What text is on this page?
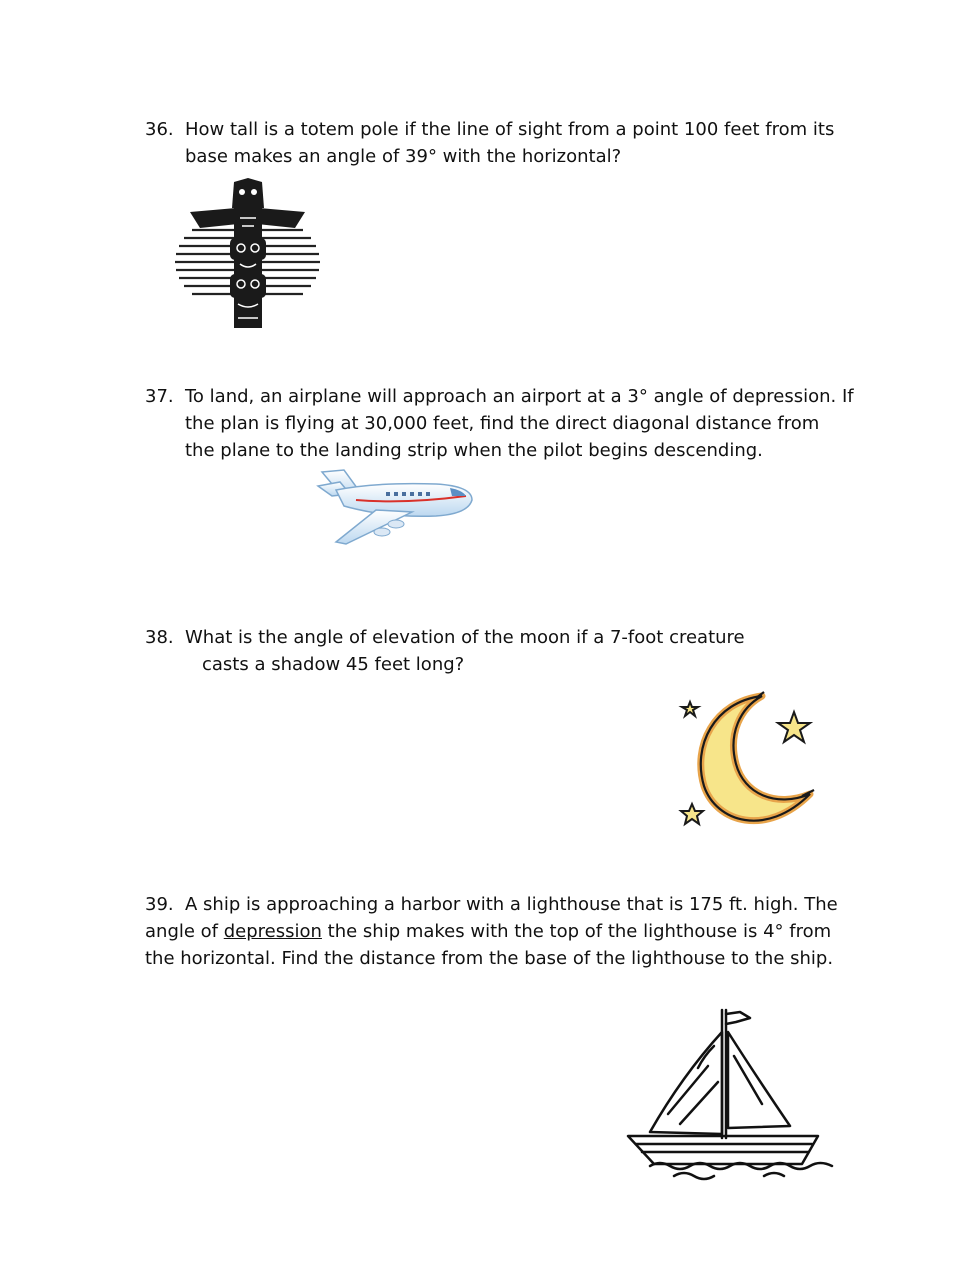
36. How tall is a totem pole if the line of sight from a point 100 feet from its
base makes an angle of 39° with the horizontal?
37. To land, an airplane will approach an airport at a 3° angle of depression. If
the plan is flying at 30,000 feet, find the direct diagonal distance from
the plane to the landing strip when the pilot begins descending.
38. What is the angle of elevation of the moon if a 7-foot creature
casts a shadow 45 feet long?
39. A ship is approaching a harbor with a lighthouse that is 175 ft. high. The
angle of depression the ship makes with the top of the lighthouse is 4° from
the horizontal. Find the distance from the base of the lighthouse to the ship.
